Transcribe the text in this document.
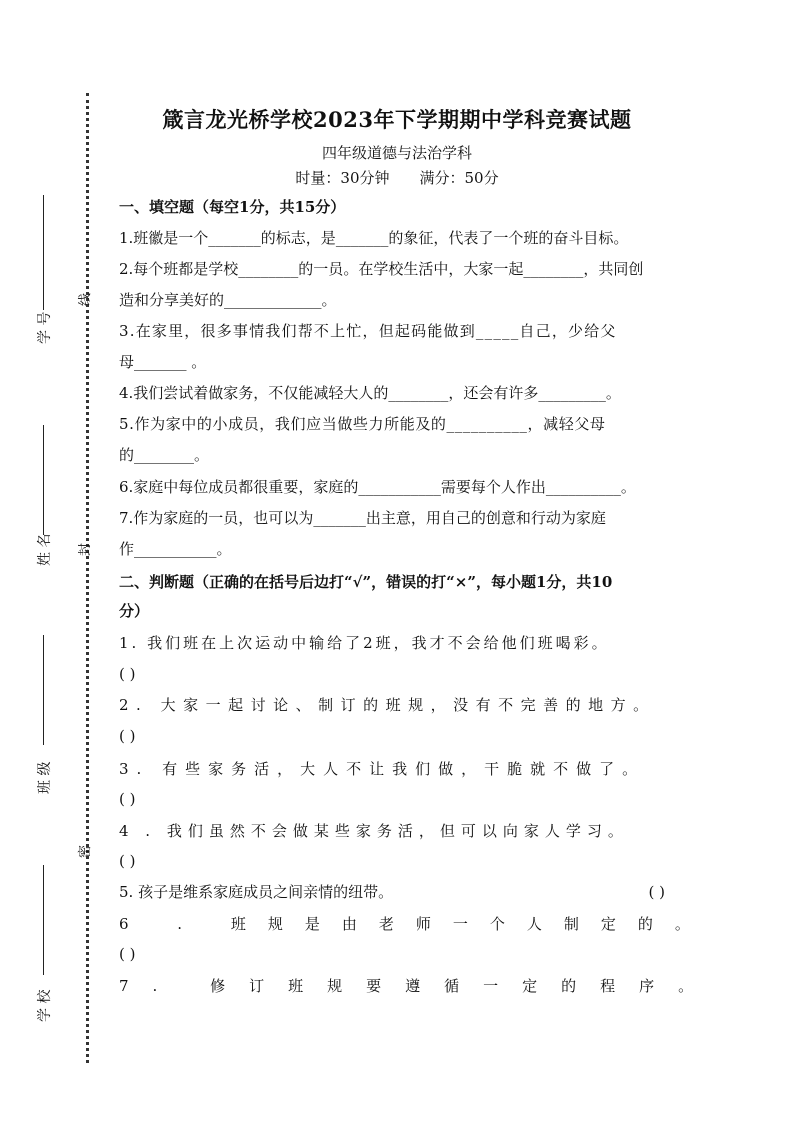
学 号
姓 名
班 级
学 校
线
封
密
箴言龙光桥学校2023年下学期期中学科竞赛试题
四年级道德与法治学科
时量：30分钟 满分：50分
一、填空题（每空1分，共15分）
1.班徽是一个_______的标志，是_______的象征，代表了一个班的奋斗目标。
2.每个班都是学校________的一员。在学校生活中，大家一起________，共同创
造和分享美好的_____________。
3.在家里，很多事情我们帮不上忙，但起码能做到_____自己，少给父
母_______ 。
4.我们尝试着做家务，不仅能减轻大人的________，还会有许多_________。
5.作为家中的小成员，我们应当做些力所能及的__________，减轻父母
的________。
6.家庭中每位成员都很重要，家庭的___________需要每个人作出__________。
7.作为家庭的一员，也可以为_______出主意，用自己的创意和行动为家庭
作___________。
二、判断题（正确的在括号后边打“√”，错误的打“×”，每小题1分，共10
分）
1. 我们班在上次运动中输给了2班，我才不会给他们班喝彩。
( )
2. 大家一起讨论、制订的班规，没有不完善的地方。
( )
3. 有些家务活，大人不让我们做，干脆就不做了。
( )
4 . 我们虽然不会做某些家务活，但可以向家人学习。
( )
5. 孩子是维系家庭成员之间亲情的纽带。	( )
6 . 班规是由老师一个人制定的。
( )
7. 修订班规要遵循一定的程序。
